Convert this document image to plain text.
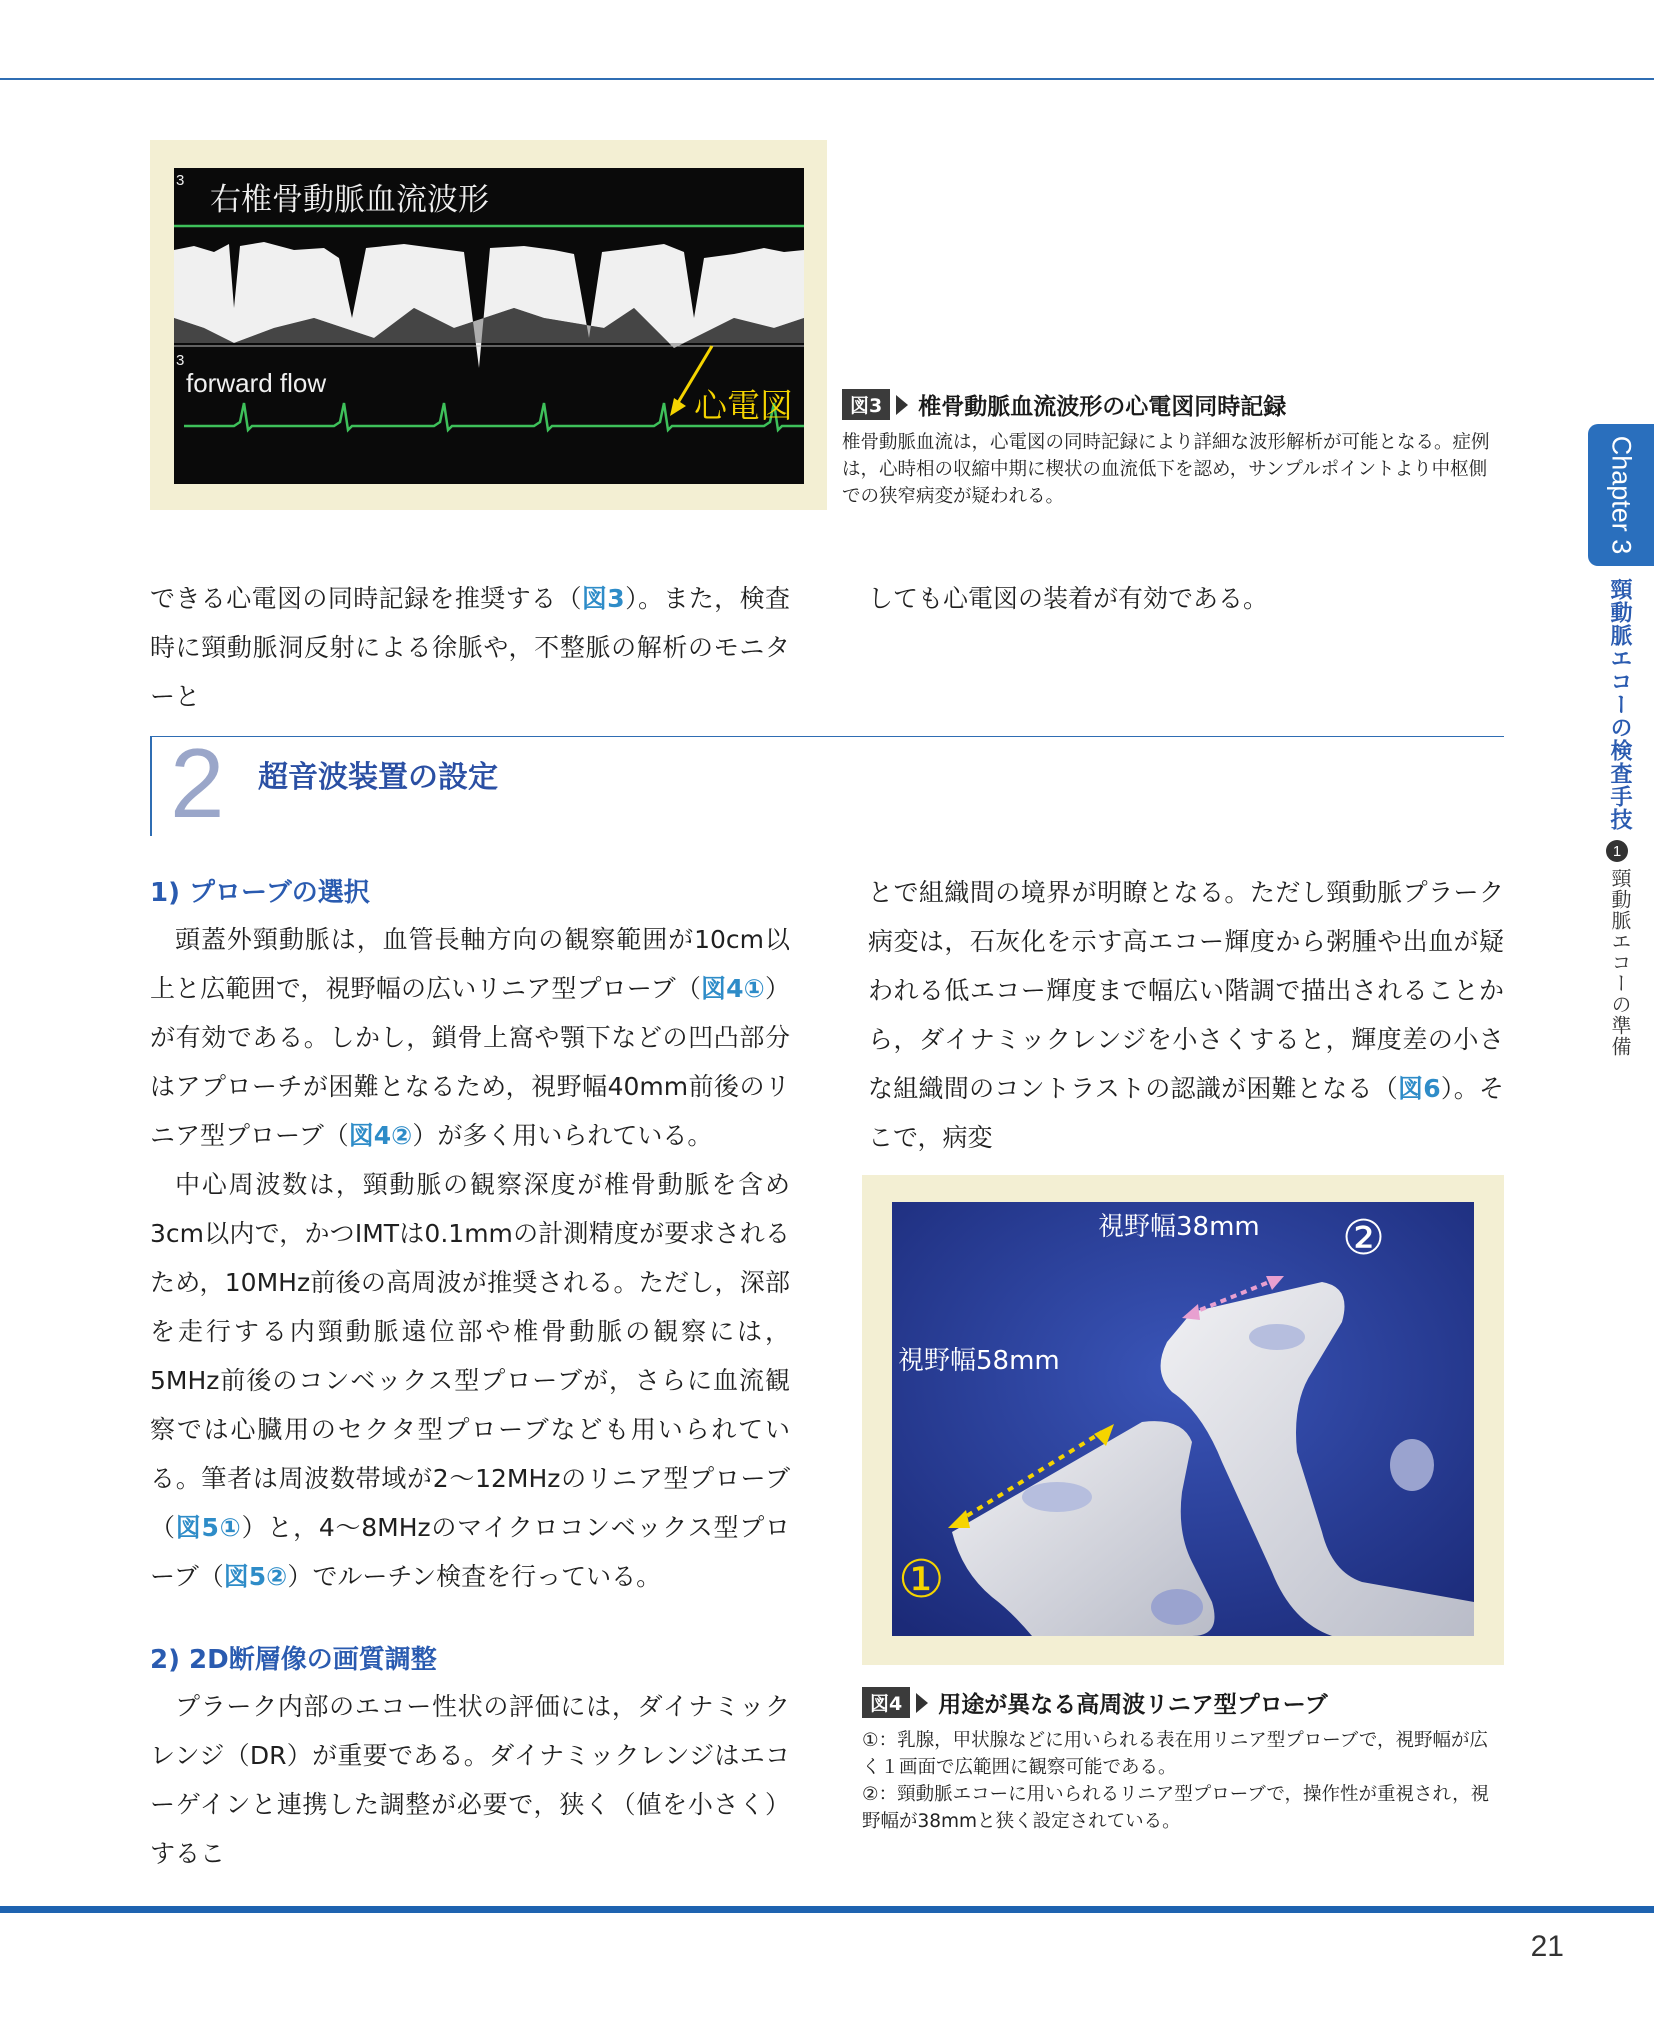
3
3
右椎骨動脈血流波形
forward flow
心電図	図3	椎骨動脈血流波形の心電図同時記録
椎骨動脈血流は，心電図の同時記録により詳細な波形解析が可能となる。症例は，心時相の収縮中期に楔状の血流低下を認め，サンプルポイントより中枢側での狭窄病変が疑われる。
できる心電図の同時記録を推奨する（図3）。また，検査時に頸動脈洞反射による徐脈や，不整脈の解析のモニターと
しても心電図の装着が有効である。
2 超音波装置の設定
1) プローブの選択
頭蓋外頸動脈は，血管長軸方向の観察範囲が10cm以上と広範囲で，視野幅の広いリニア型プローブ（図4①）が有効である。しかし，鎖骨上窩や顎下などの凹凸部分はアプローチが困難となるため，視野幅40mm前後のリニア型プローブ（図4②）が多く用いられている。
中心周波数は，頸動脈の観察深度が椎骨動脈を含め3cm以内で，かつIMTは0.1mmの計測精度が要求されるため，10MHz前後の高周波が推奨される。ただし，深部を走行する内頸動脈遠位部や椎骨動脈の観察には，5MHz前後のコンベックス型プローブが，さらに血流観察では心臓用のセクタ型プローブなども用いられている。筆者は周波数帯域が2～12MHzのリニア型プローブ（図5①）と，4～8MHzのマイクロコンベックス型プローブ（図5②）でルーチン検査を行っている。
2) 2D断層像の画質調整
プラーク内部のエコー性状の評価には，ダイナミックレンジ（DR）が重要である。ダイナミックレンジはエコーゲインと連携した調整が必要で，狭く（値を小さく）するこ
とで組織間の境界が明瞭となる。ただし頸動脈プラーク病変は，石灰化を示す高エコー輝度から粥腫や出血が疑われる低エコー輝度まで幅広い階調で描出されることから，ダイナミックレンジを小さくすると，輝度差の小さな組織間のコントラストの認識が困難となる（図6）。そこで，病変
視野幅38mm
視野幅58mm
②
①
図4	用途が異なる高周波リニア型プローブ
①：乳腺，甲状腺などに用いられる表在用リニア型プローブで，視野幅が広く１画面で広範囲に観察可能である。
②：頸動脈エコーに用いられるリニア型プローブで，操作性が重視され，視野幅が38mmと狭く設定されている。
Chapter 3
頸動脈エコーの検査手技
1
頸動脈エコーの準備
21
